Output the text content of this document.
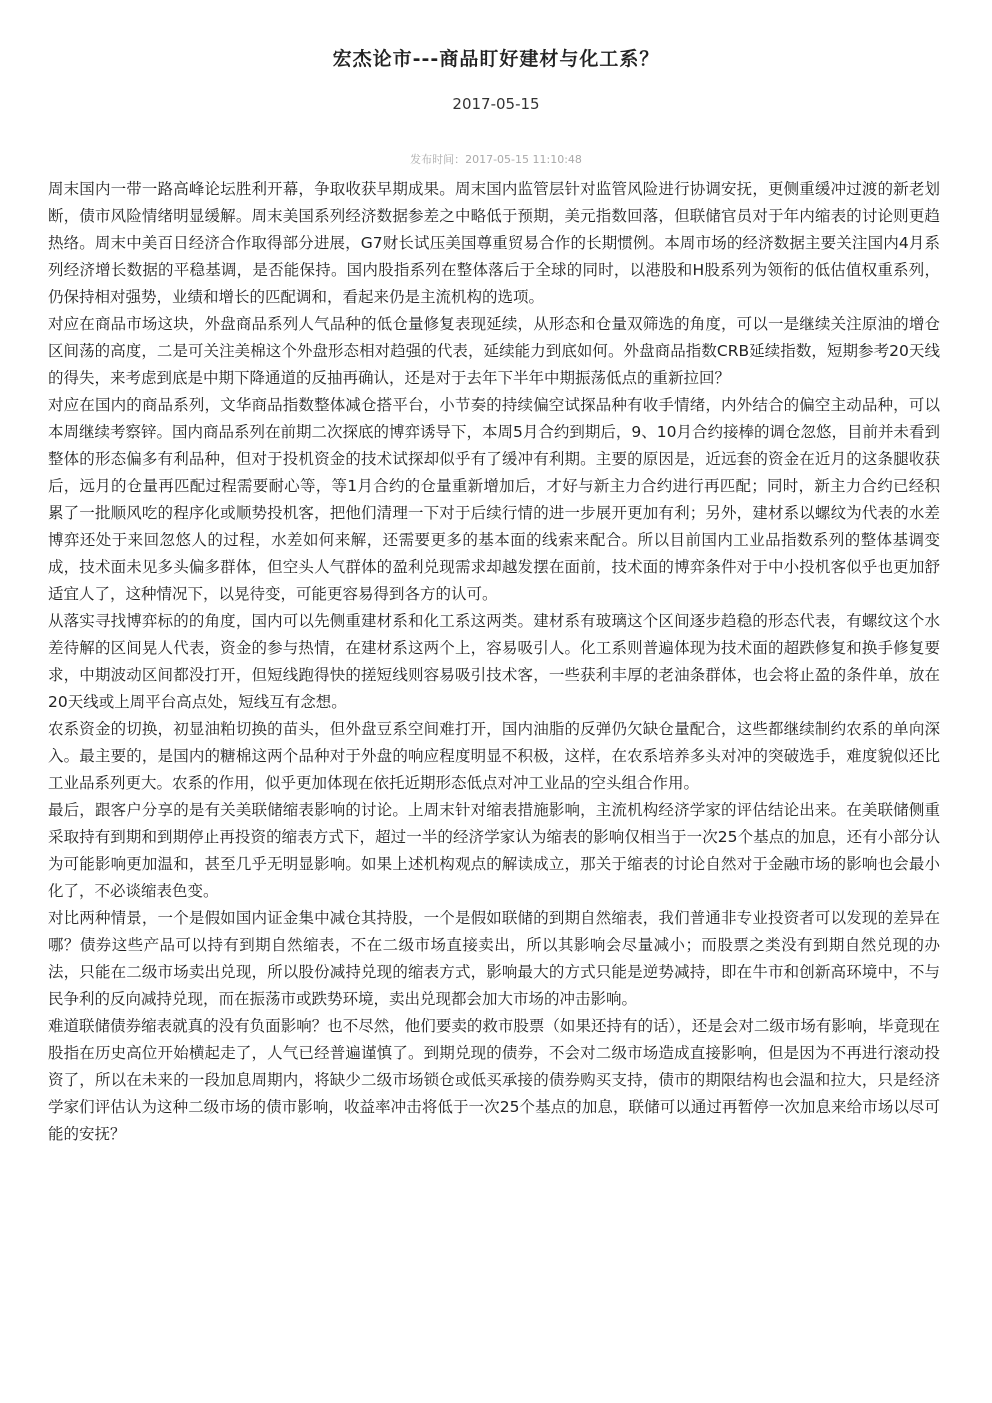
宏杰论市---商品盯好建材与化工系？
2017-05-15
发布时间：2017-05-15 11:10:48

周末国内一带一路高峰论坛胜利开幕，争取收获早期成果。周末国内监管层针对监管风险进行协调安抚，更侧重缓冲过渡的新老划断，债市风险情绪明显缓解。周末美国系列经济数据参差之中略低于预期，美元指数回落，但联储官员对于年内缩表的讨论则更趋热络。周末中美百日经济合作取得部分进展，G7财长试压美国尊重贸易合作的长期惯例。本周市场的经济数据主要关注国内4月系列经济增长数据的平稳基调，是否能保持。国内股指系列在整体落后于全球的同时，以港股和H股系列为领衔的低估值权重系列，仍保持相对强势，业绩和增长的匹配调和，看起来仍是主流机构的选项。

对应在商品市场这块，外盘商品系列人气品种的低仓量修复表现延续，从形态和仓量双筛选的角度，可以一是继续关注原油的增仓区间荡的高度，二是可关注美棉这个外盘形态相对趋强的代表，延续能力到底如何。外盘商品指数CRB延续指数，短期参考20天线的得失，来考虑到底是中期下降通道的反抽再确认，还是对于去年下半年中期振荡低点的重新拉回？

对应在国内的商品系列，文华商品指数整体减仓搭平台，小节奏的持续偏空试探品种有收手情绪，内外结合的偏空主动品种，可以本周继续考察锌。国内商品系列在前期二次探底的博弈诱导下，本周5月合约到期后，9、10月合约接棒的调仓忽悠，目前并未看到整体的形态偏多有利品种，但对于投机资金的技术试探却似乎有了缓冲有利期。主要的原因是，近远套的资金在近月的这条腿收获后，远月的仓量再匹配过程需要耐心等，等1月合约的仓量重新增加后，才好与新主力合约进行再匹配；同时，新主力合约已经积累了一批顺风吃的程序化或顺势投机客，把他们清理一下对于后续行情的进一步展开更加有利；另外，建材系以螺纹为代表的水差博弈还处于来回忽悠人的过程，水差如何来解，还需要更多的基本面的线索来配合。所以目前国内工业品指数系列的整体基调变成，技术面未见多头偏多群体，但空头人气群体的盈利兑现需求却越发摆在面前，技术面的博弈条件对于中小投机客似乎也更加舒适宜人了，这种情况下，以晃待变，可能更容易得到各方的认可。

从落实寻找博弈标的的角度，国内可以先侧重建材系和化工系这两类。建材系有玻璃这个区间逐步趋稳的形态代表，有螺纹这个水差待解的区间晃人代表，资金的参与热情，在建材系这两个上，容易吸引人。化工系则普遍体现为技术面的超跌修复和换手修复要求，中期波动区间都没打开，但短线跑得快的搓短线则容易吸引技术客，一些获利丰厚的老油条群体，也会将止盈的条件单，放在20天线或上周平台高点处，短线互有念想。

农系资金的切换，初显油粕切换的苗头，但外盘豆系空间难打开，国内油脂的反弹仍欠缺仓量配合，这些都继续制约农系的单向深入。最主要的，是国内的糖棉这两个品种对于外盘的响应程度明显不积极，这样，在农系培养多头对冲的突破选手，难度貌似还比工业品系列更大。农系的作用，似乎更加体现在依托近期形态低点对冲工业品的空头组合作用。

最后，跟客户分享的是有关美联储缩表影响的讨论。上周末针对缩表措施影响，主流机构经济学家的评估结论出来。在美联储侧重采取持有到期和到期停止再投资的缩表方式下，超过一半的经济学家认为缩表的影响仅相当于一次25个基点的加息，还有小部分认为可能影响更加温和，甚至几乎无明显影响。如果上述机构观点的解读成立，那关于缩表的讨论自然对于金融市场的影响也会最小化了，不必谈缩表色变。

对比两种情景，一个是假如国内证金集中减仓其持股，一个是假如联储的到期自然缩表，我们普通非专业投资者可以发现的差异在哪？债券这些产品可以持有到期自然缩表，不在二级市场直接卖出，所以其影响会尽量减小；而股票之类没有到期自然兑现的办法，只能在二级市场卖出兑现，所以股份减持兑现的缩表方式，影响最大的方式只能是逆势减持，即在牛市和创新高环境中，不与民争利的反向减持兑现，而在振荡市或跌势环境，卖出兑现都会加大市场的冲击影响。

难道联储债券缩表就真的没有负面影响？也不尽然，他们要卖的救市股票（如果还持有的话），还是会对二级市场有影响，毕竟现在股指在历史高位开始横起走了，人气已经普遍谨慎了。到期兑现的债券，不会对二级市场造成直接影响，但是因为不再进行滚动投资了，所以在未来的一段加息周期内，将缺少二级市场锁仓或低买承接的债券购买支持，债市的期限结构也会温和拉大，只是经济学家们评估认为这种二级市场的债市影响，收益率冲击将低于一次25个基点的加息，联储可以通过再暂停一次加息来给市场以尽可能的安抚？
